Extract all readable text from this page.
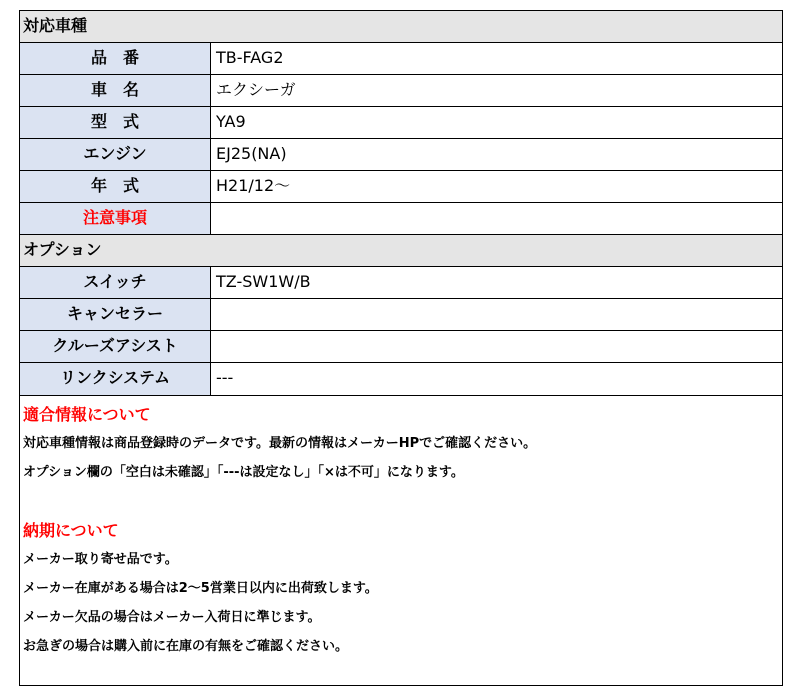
対応車種
品　番	TB-FAG2
車　名	エクシーガ
型　式	YA9
エンジン	EJ25(NA)
年　式	H21/12〜
注意事項
オプション
スイッチ	TZ-SW1W/B
キャンセラー
クルーズアシスト
リンクシステム	---
適合情報について
対応車種情報は商品登録時のデータです。最新の情報はメーカーHPでご確認ください。
オプション欄の「空白は未確認」「---は設定なし」「×は不可」になります。
納期について
メーカー取り寄せ品です。
メーカー在庫がある場合は2〜5営業日以内に出荷致します。
メーカー欠品の場合はメーカー入荷日に準じます。
お急ぎの場合は購入前に在庫の有無をご確認ください。
